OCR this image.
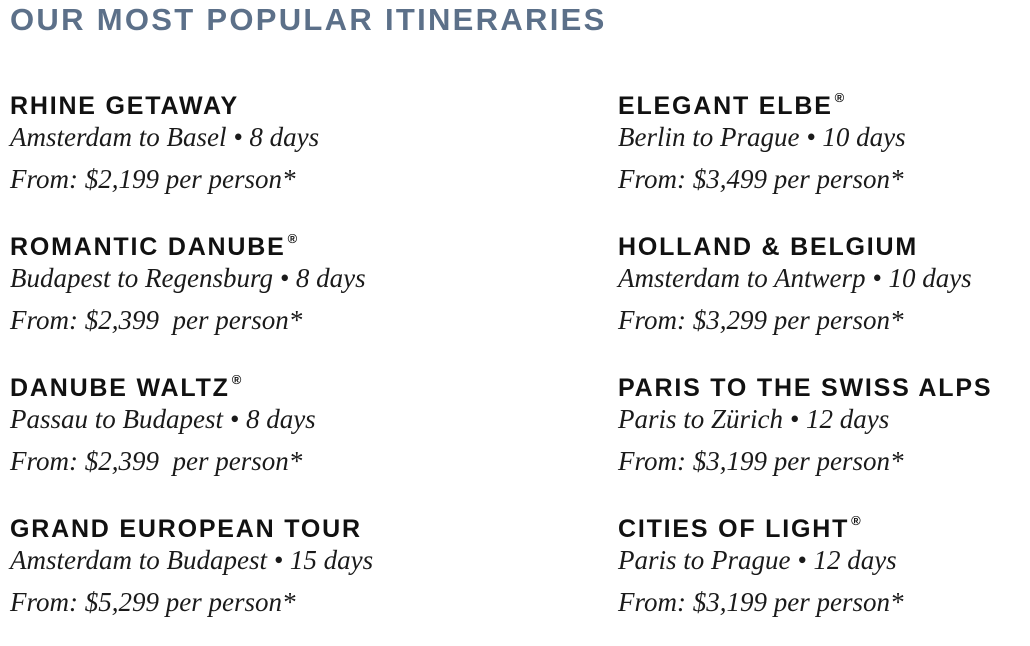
OUR MOST POPULAR ITINERARIES
RHINE GETAWAY
Amsterdam to Basel • 8 days
From: $2,199 per person*
ROMANTIC DANUBE ®
Budapest to Regensburg • 8 days
From: $2,399  per person*
DANUBE WALTZ ®
Passau to Budapest • 8 days
From: $2,399  per person*
GRAND EUROPEAN TOUR
Amsterdam to Budapest • 15 days
From: $5,299 per person*
ELEGANT ELBE ®
Berlin to Prague • 10 days
From: $3,499 per person*
HOLLAND & BELGIUM
Amsterdam to Antwerp • 10 days
From: $3,299 per person*
PARIS TO THE SWISS ALPS
Paris to Zürich • 12 days
From: $3,199 per person*
CITIES OF LIGHT ®
Paris to Prague • 12 days
From: $3,199 per person*
